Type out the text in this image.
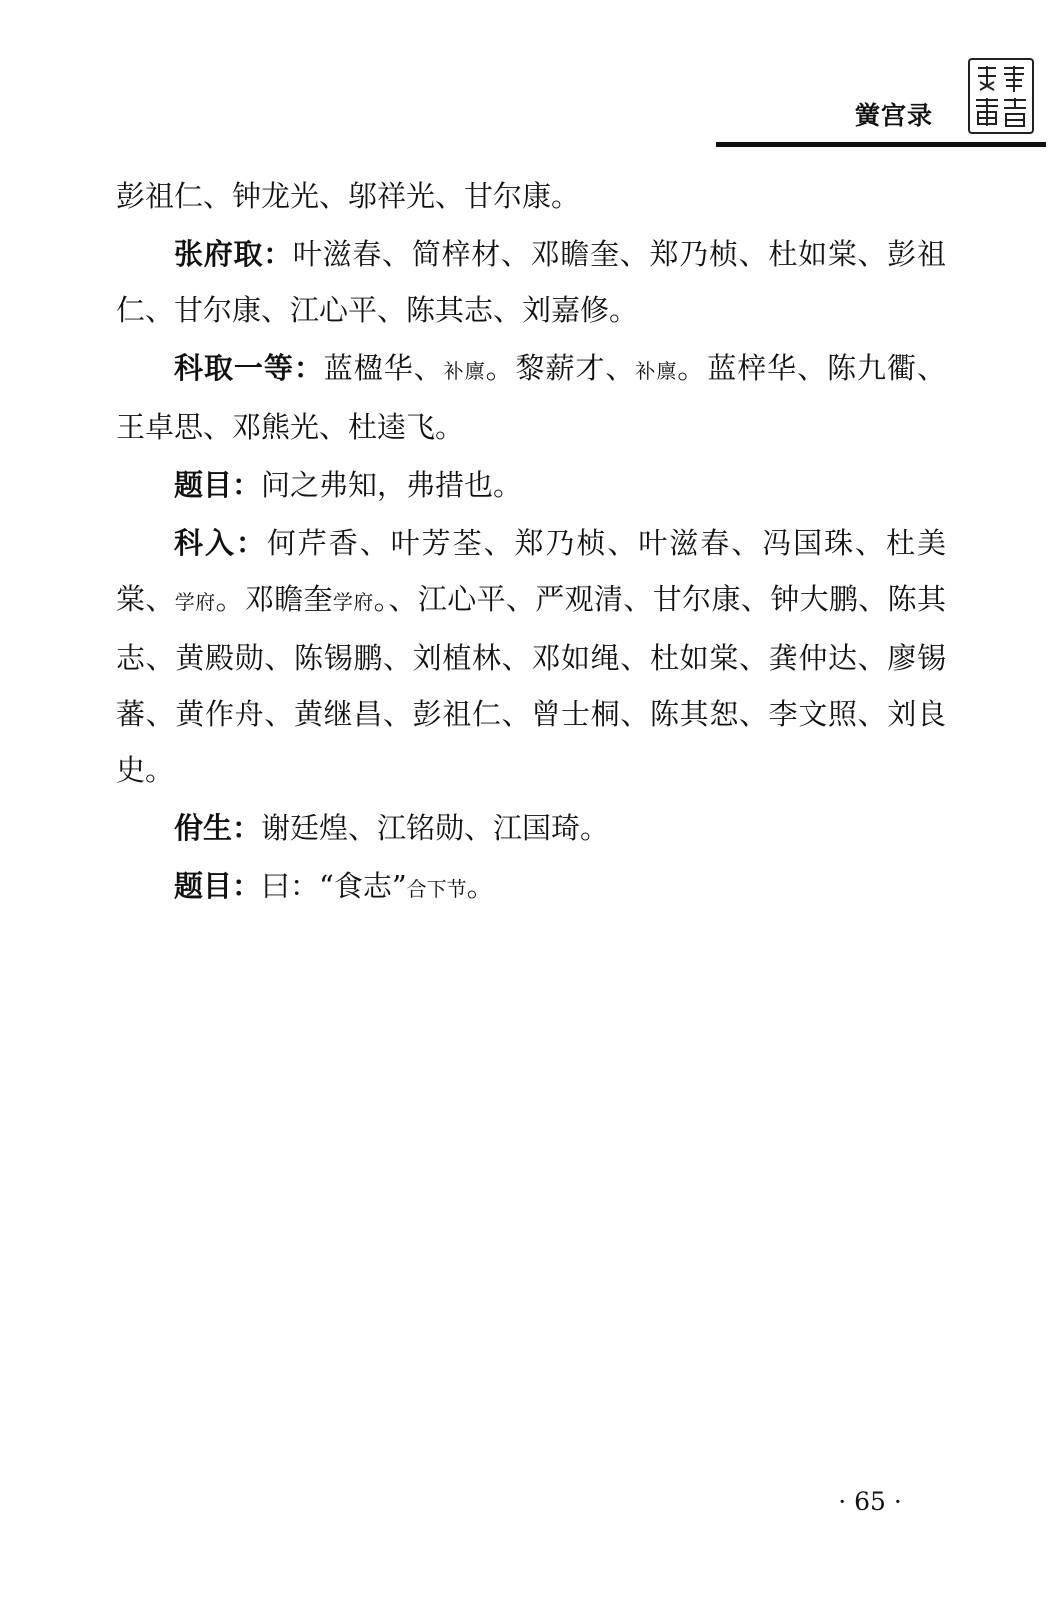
黉宫录

彭祖仁、钟龙光、邬祥光、甘尔康。

张府取：叶滋春、简梓材、邓瞻奎、郑乃桢、杜如棠、彭祖仁、甘尔康、江心平、陈其志、刘嘉修。

科取一等：蓝楹华、补廪。黎薪才、补廪。蓝梓华、陈九衢、王卓思、邓熊光、杜逵飞。

题目：问之弗知，弗措也。

科入：何芹香、叶芳荃、郑乃桢、叶滋春、冯国珠、杜美棠、学府。邓瞻奎学府。、江心平、严观清、甘尔康、钟大鹏、陈其志、黄殿勋、陈锡鹏、刘植林、邓如绳、杜如棠、龚仲达、廖锡蕃、黄作舟、黄继昌、彭祖仁、曾士桐、陈其恕、李文照、刘良史。

佾生：谢廷煌、江铭勋、江国琦。

题目：曰：“食志”合下节。

· 65 ·
